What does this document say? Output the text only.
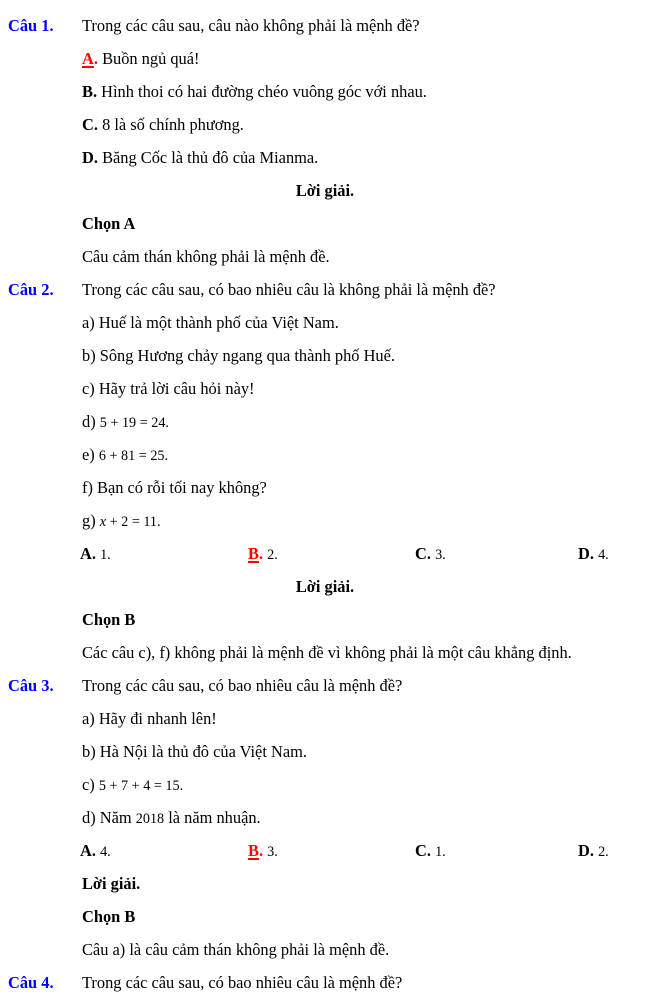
Câu 1.	Trong các câu sau, câu nào không phải là mệnh đề?
A. Buồn ngủ quá!
B. Hình thoi có hai đường chéo vuông góc với nhau.
C. 8 là số chính phương.
D. Băng Cốc là thủ đô của Mianma.
Lời giải.
Chọn A
Câu cảm thán không phải là mệnh đề.
Câu 2.	Trong các câu sau, có bao nhiêu câu là không phải là mệnh đề?
a) Huế là một thành phố của Việt Nam.
b) Sông Hương chảy ngang qua thành phố Huế.
c) Hãy trả lời câu hỏi này!
d) 5 + 19 = 24.
e) 6 + 81 = 25.
f) Bạn có rỗi tối nay không?
g) x + 2 = 11.
A. 1.	B. 2.	C. 3.	D. 4.
Lời giải.
Chọn B
Các câu c), f) không phải là mệnh đề vì không phải là một câu khẳng định.
Câu 3.	Trong các câu sau, có bao nhiêu câu là mệnh đề?
a) Hãy đi nhanh lên!
b) Hà Nội là thủ đô của Việt Nam.
c) 5 + 7 + 4 = 15.
d) Năm 2018 là năm nhuận.
A. 4.	B. 3.	C. 1.	D. 2.
Lời giải.
Chọn B
Câu a) là câu cảm thán không phải là mệnh đề.
Câu 4.	Trong các câu sau, có bao nhiêu câu là mệnh đề?
